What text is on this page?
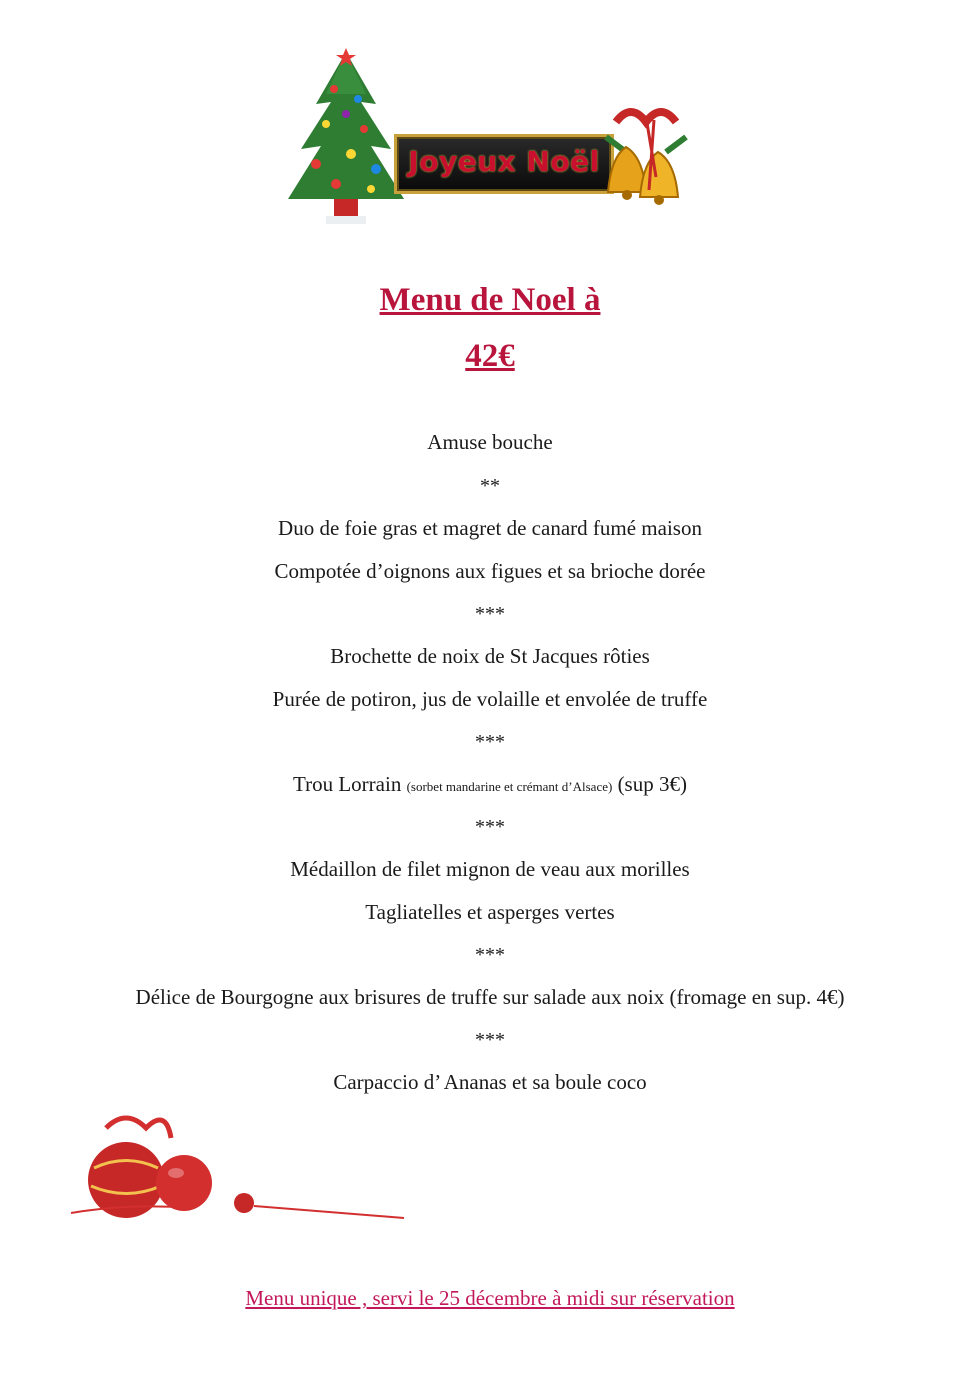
Joyeux Noël
Menu de Noel à
42€
Amuse bouche
**
Duo de foie gras et magret de canard fumé maison
Compotée d’oignons aux figues et sa brioche dorée
***
Brochette de noix de St Jacques rôties
Purée de potiron, jus de volaille et envolée de truffe
***
Trou Lorrain (sorbet mandarine et crémant d’Alsace) (sup 3€)
***
Médaillon de filet mignon de veau aux morilles
Tagliatelles et asperges vertes
***
Délice de Bourgogne aux brisures de truffe sur salade aux noix (fromage en sup. 4€)
***
Carpaccio d’ Ananas et sa boule coco
Menu unique , servi le 25 décembre à midi sur réservation
